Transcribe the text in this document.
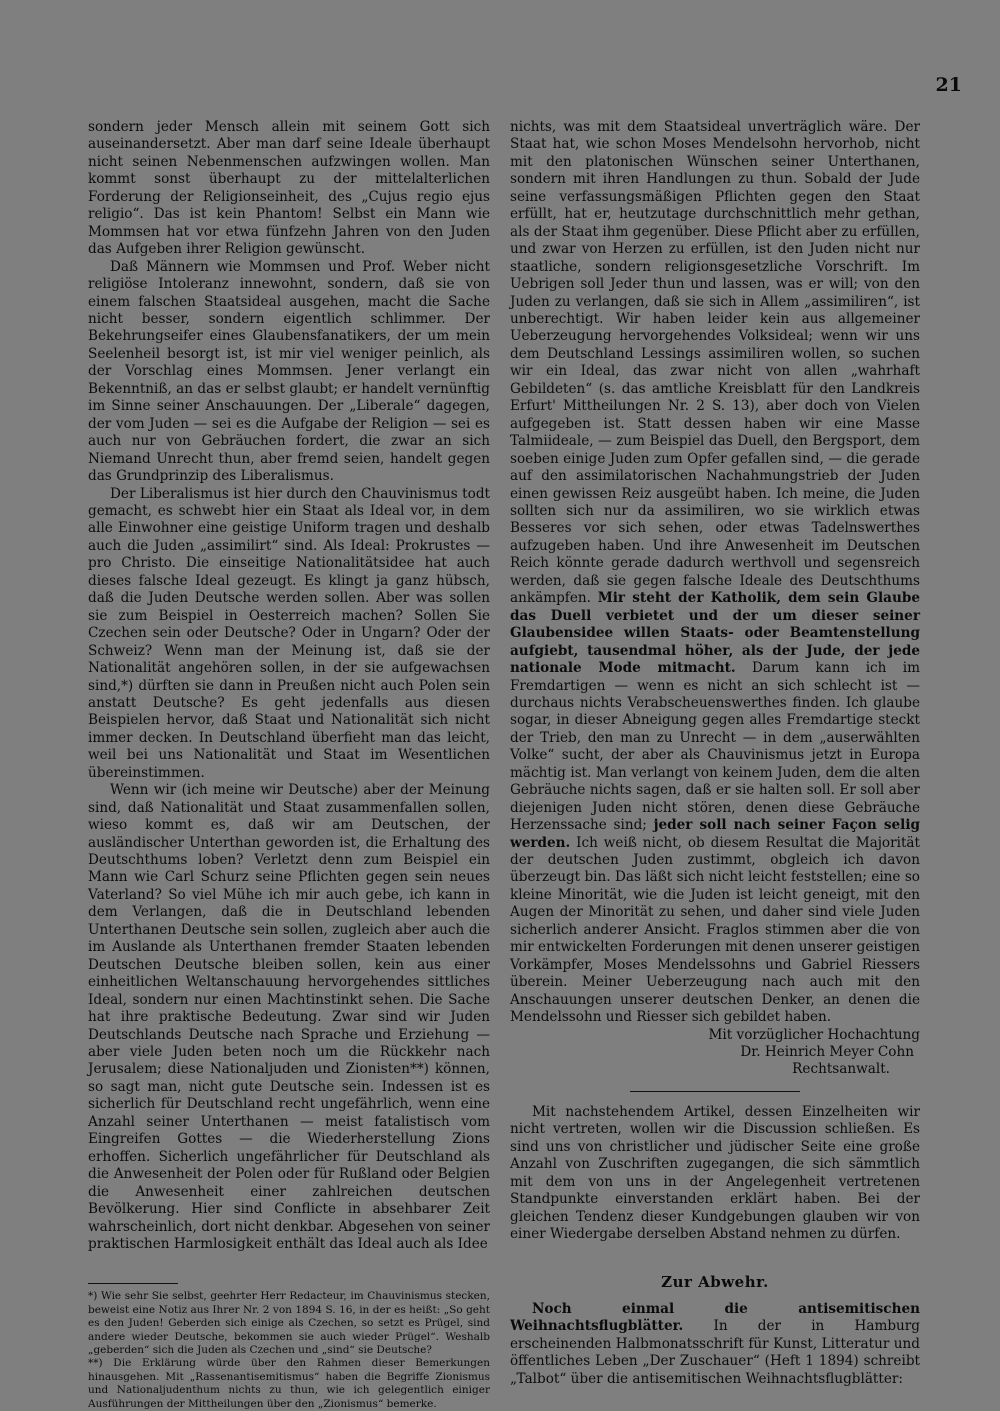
21

sondern jeder Mensch allein mit seinem Gott sich auseinandersetzt. Aber man darf seine Ideale überhaupt nicht seinen Nebenmenschen aufzwingen wollen. Man kommt sonst überhaupt zu der mittelalterlichen Forderung der Religionseinheit, des „Cujus regio ejus religio“. Das ist kein Phantom! Selbst ein Mann wie Mommsen hat vor etwa fünfzehn Jahren von den Juden das Aufgeben ihrer Religion gewünscht.

Daß Männern wie Mommsen und Prof. Weber nicht religiöse Intoleranz innewohnt, sondern, daß sie von einem falschen Staatsideal ausgehen, macht die Sache nicht besser, sondern eigentlich schlimmer. Der Bekehrungseifer eines Glaubensfanatikers, der um mein Seelenheil besorgt ist, ist mir viel weniger peinlich, als der Vorschlag eines Mommsen. Jener verlangt ein Bekenntniß, an das er selbst glaubt; er handelt vernünftig im Sinne seiner Anschauungen. Der „Liberale“ dagegen, der vom Juden — sei es die Aufgabe der Religion — sei es auch nur von Gebräuchen fordert, die zwar an sich Niemand Unrecht thun, aber fremd seien, handelt gegen das Grundprinzip des Liberalismus.

Der Liberalismus ist hier durch den Chauvinismus todt gemacht, es schwebt hier ein Staat als Ideal vor, in dem alle Einwohner eine geistige Uniform tragen und deshalb auch die Juden „assimilirt“ sind. Als Ideal: Prokrustes — pro Christo. Die einseitige Nationalitätsidee hat auch dieses falsche Ideal gezeugt. Es klingt ja ganz hübsch, daß die Juden Deutsche werden sollen. Aber was sollen sie zum Beispiel in Oesterreich machen? Sollen Sie Czechen sein oder Deutsche? Oder in Ungarn? Oder der Schweiz? Wenn man der Meinung ist, daß sie der Nationalität angehören sollen, in der sie aufgewachsen sind,*) dürften sie dann in Preußen nicht auch Polen sein anstatt Deutsche? Es geht jedenfalls aus diesen Beispielen hervor, daß Staat und Nationalität sich nicht immer decken. In Deutschland überfieht man das leicht, weil bei uns Nationalität und Staat im Wesentlichen übereinstimmen.

Wenn wir (ich meine wir Deutsche) aber der Meinung sind, daß Nationalität und Staat zusammenfallen sollen, wieso kommt es, daß wir am Deutschen, der ausländischer Unterthan geworden ist, die Erhaltung des Deutschthums loben? Verletzt denn zum Beispiel ein Mann wie Carl Schurz seine Pflichten gegen sein neues Vaterland? So viel Mühe ich mir auch gebe, ich kann in dem Verlangen, daß die in Deutschland lebenden Unterthanen Deutsche sein sollen, zugleich aber auch die im Auslande als Unterthanen fremder Staaten lebenden Deutschen Deutsche bleiben sollen, kein aus einer einheitlichen Weltanschauung hervorgehendes sittliches Ideal, sondern nur einen Machtinstinkt sehen. Die Sache hat ihre praktische Bedeutung. Zwar sind wir Juden Deutschlands Deutsche nach Sprache und Erziehung — aber viele Juden beten noch um die Rückkehr nach Jerusalem; diese Nationaljuden und Zionisten**) können, so sagt man, nicht gute Deutsche sein. Indessen ist es sicherlich für Deutschland recht ungefährlich, wenn eine Anzahl seiner Unterthanen — meist fatalistisch vom Eingreifen Gottes — die Wiederherstellung Zions erhoffen. Sicherlich ungefährlicher für Deutschland als die Anwesenheit der Polen oder für Rußland oder Belgien die Anwesenheit einer zahlreichen deutschen Bevölkerung. Hier sind Conflicte in absehbarer Zeit wahrscheinlich, dort nicht denkbar. Abgesehen von seiner praktischen Harmlosigkeit enthält das Ideal auch als Idee

*) Wie sehr Sie selbst, geehrter Herr Redacteur, im Chauvinismus stecken, beweist eine Notiz aus Ihrer Nr. 2 von 1894 S. 16, in der es heißt: „So geht es den Juden! Geberden sich einige als Czechen, so setzt es Prügel, sind andere wieder Deutsche, bekommen sie auch wieder Prügel“. Weshalb „geberden“ sich die Juden als Czechen und „sind“ sie Deutsche?

**) Die Erklärung würde über den Rahmen dieser Bemerkungen hinausgehen. Mit „Rassenantisemitismus“ haben die Begriffe Zionismus und Nationaljudenthum nichts zu thun, wie ich gelegentlich einiger Ausführungen der Mittheilungen über den „Zionismus“ bemerke.

nichts, was mit dem Staatsideal unverträglich wäre. Der Staat hat, wie schon Moses Mendelsohn hervorhob, nicht mit den platonischen Wünschen seiner Unterthanen, sondern mit ihren Handlungen zu thun. Sobald der Jude seine verfassungsmäßigen Pflichten gegen den Staat erfüllt, hat er, heutzutage durchschnittlich mehr gethan, als der Staat ihm gegenüber. Diese Pflicht aber zu erfüllen, und zwar von Herzen zu erfüllen, ist den Juden nicht nur staatliche, sondern religionsgesetzliche Vorschrift. Im Uebrigen soll Jeder thun und lassen, was er will; von den Juden zu verlangen, daß sie sich in Allem „assimiliren“, ist unberechtigt. Wir haben leider kein aus allgemeiner Ueberzeugung hervorgehendes Volksideal; wenn wir uns dem Deutschland Lessings assimiliren wollen, so suchen wir ein Ideal, das zwar nicht von allen „wahrhaft Gebildeten“ (s. das amtliche Kreisblatt für den Landkreis Erfurt' Mittheilungen Nr. 2 S. 13), aber doch von Vielen aufgegeben ist. Statt dessen haben wir eine Masse Talmiideale, — zum Beispiel das Duell, den Bergsport, dem soeben einige Juden zum Opfer gefallen sind, — die gerade auf den assimilatorischen Nachahmungstrieb der Juden einen gewissen Reiz ausgeübt haben. Ich meine, die Juden sollten sich nur da assimiliren, wo sie wirklich etwas Besseres vor sich sehen, oder etwas Tadelnswerthes aufzugeben haben. Und ihre Anwesenheit im Deutschen Reich könnte gerade dadurch werthvoll und segensreich werden, daß sie gegen falsche Ideale des Deutschthums ankämpfen. Mir steht der Katholik, dem sein Glaube das Duell verbietet und der um dieser seiner Glaubensidee willen Staats- oder Beamtenstellung aufgiebt, tausendmal höher, als der Jude, der jede nationale Mode mitmacht. Darum kann ich im Fremdartigen — wenn es nicht an sich schlecht ist — durchaus nichts Verabscheuenswerthes finden. Ich glaube sogar, in dieser Abneigung gegen alles Fremdartige steckt der Trieb, den man zu Unrecht — in dem „auserwählten Volke“ sucht, der aber als Chauvinismus jetzt in Europa mächtig ist. Man verlangt von keinem Juden, dem die alten Gebräuche nichts sagen, daß er sie halten soll. Er soll aber diejenigen Juden nicht stören, denen diese Gebräuche Herzenssache sind; jeder soll nach seiner Façon selig werden. Ich weiß nicht, ob diesem Resultat die Majorität der deutschen Juden zustimmt, obgleich ich davon überzeugt bin. Das läßt sich nicht leicht feststellen; eine so kleine Minorität, wie die Juden ist leicht geneigt, mit den Augen der Minorität zu sehen, und daher sind viele Juden sicherlich anderer Ansicht. Fraglos stimmen aber die von mir entwickelten Forderungen mit denen unserer geistigen Vorkämpfer, Moses Mendelssohns und Gabriel Riessers überein. Meiner Ueberzeugung nach auch mit den Anschauungen unserer deutschen Denker, an denen die Mendelssohn und Riesser sich gebildet haben.

Mit vorzüglicher Hochachtung

Dr. Heinrich Meyer Cohn

Rechtsanwalt.

Mit nachstehendem Artikel, dessen Einzelheiten wir nicht vertreten, wollen wir die Discussion schließen. Es sind uns von christlicher und jüdischer Seite eine große Anzahl von Zuschriften zugegangen, die sich sämmtlich mit dem von uns in der Angelegenheit vertretenen Standpunkte einverstanden erklärt haben. Bei der gleichen Tendenz dieser Kundgebungen glauben wir von einer Wiedergabe derselben Abstand nehmen zu dürfen.

Zur Abwehr.

Noch einmal die antisemitischen Weihnachtsflugblätter. In der in Hamburg erscheinenden Halbmonatsschrift für Kunst, Litteratur und öffentliches Leben „Der Zuschauer“ (Heft 1 1894) schreibt „Talbot“ über die antisemitischen Weihnachtsflugblätter:
